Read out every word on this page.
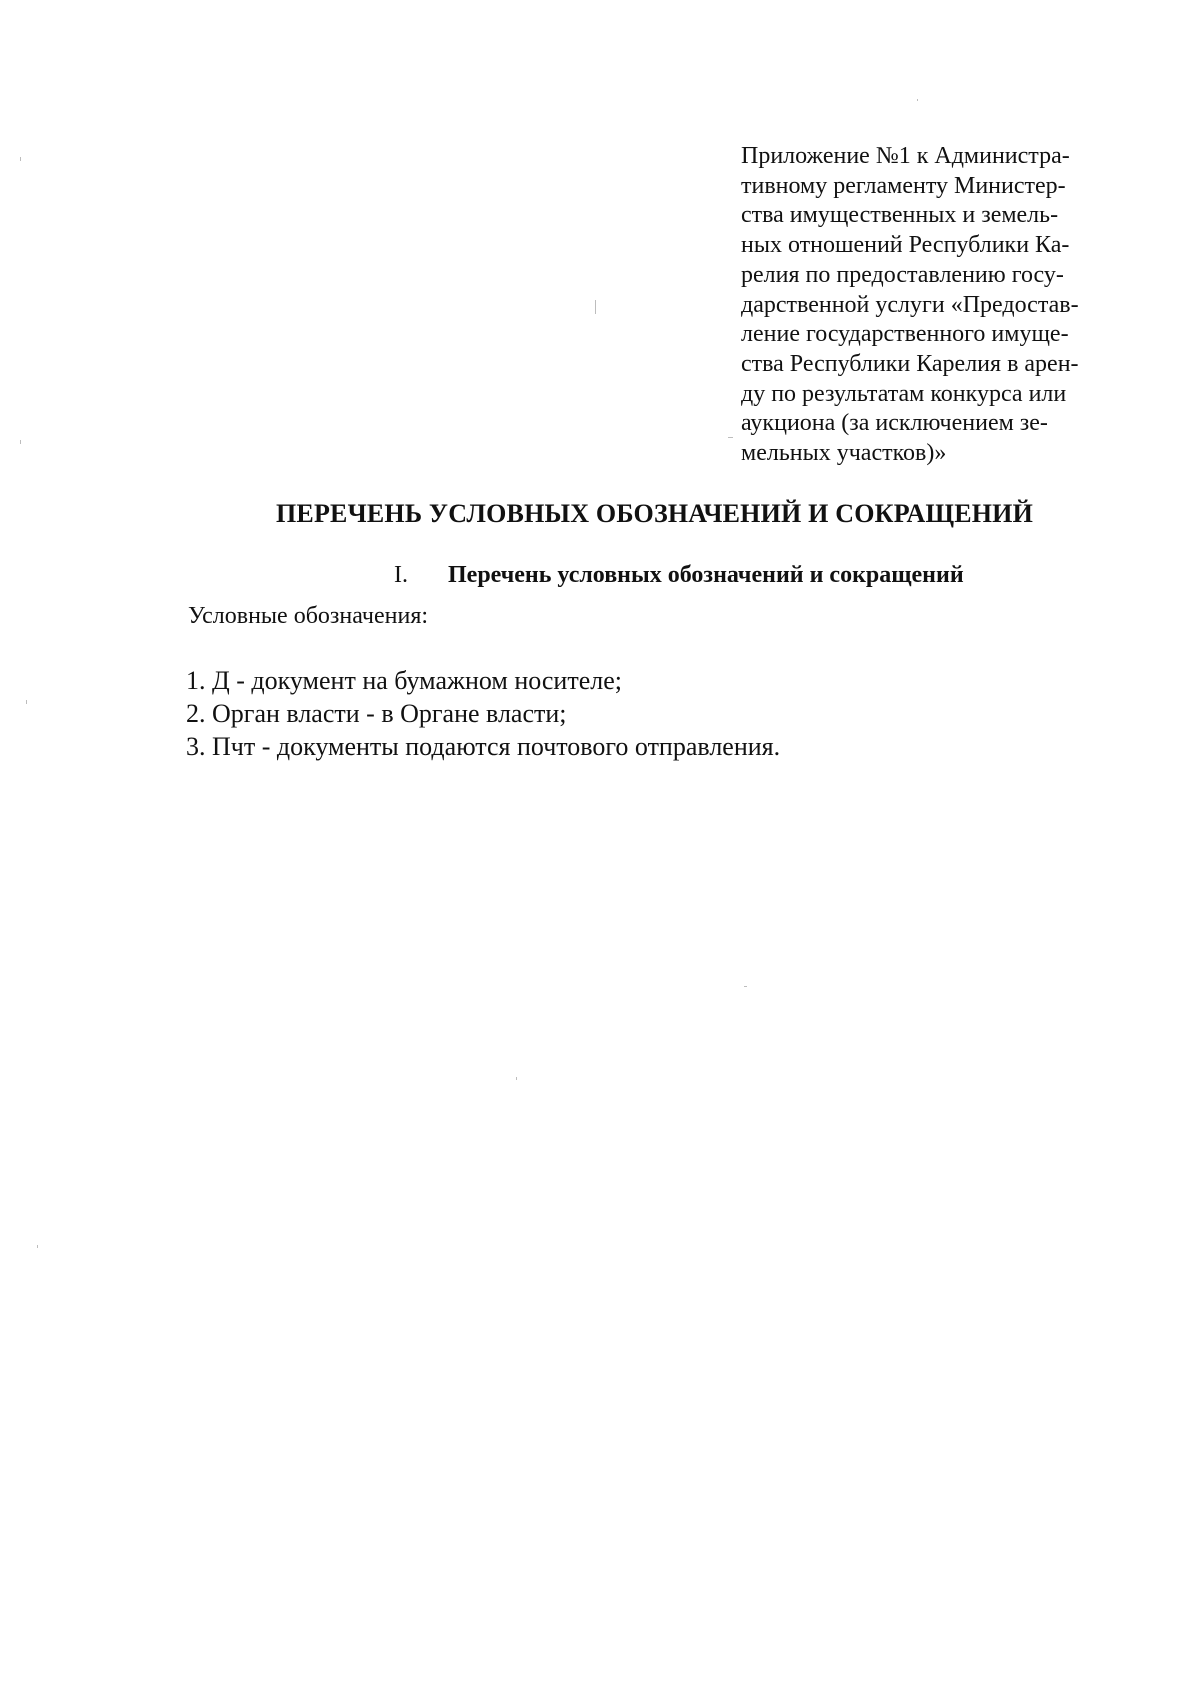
Приложение №1 к Администра-
тивному регламенту Министер-
ства имущественных и земель-
ных отношений Республики Ка-
релия по предоставлению госу-
дарственной услуги «Предостав-
ление государственного имуще-
ства Республики Карелия в арен-
ду по результатам конкурса или
аукциона (за исключением зе-
мельных участков)»
ПЕРЕЧЕНЬ УСЛОВНЫХ ОБОЗНАЧЕНИЙ И СОКРАЩЕНИЙ
I. Перечень условных обозначений и сокращений
Условные обозначения:
1. Д - документ на бумажном носителе;
2. Орган власти - в Органе власти;
3. Пчт - документы подаются почтового отправления.
